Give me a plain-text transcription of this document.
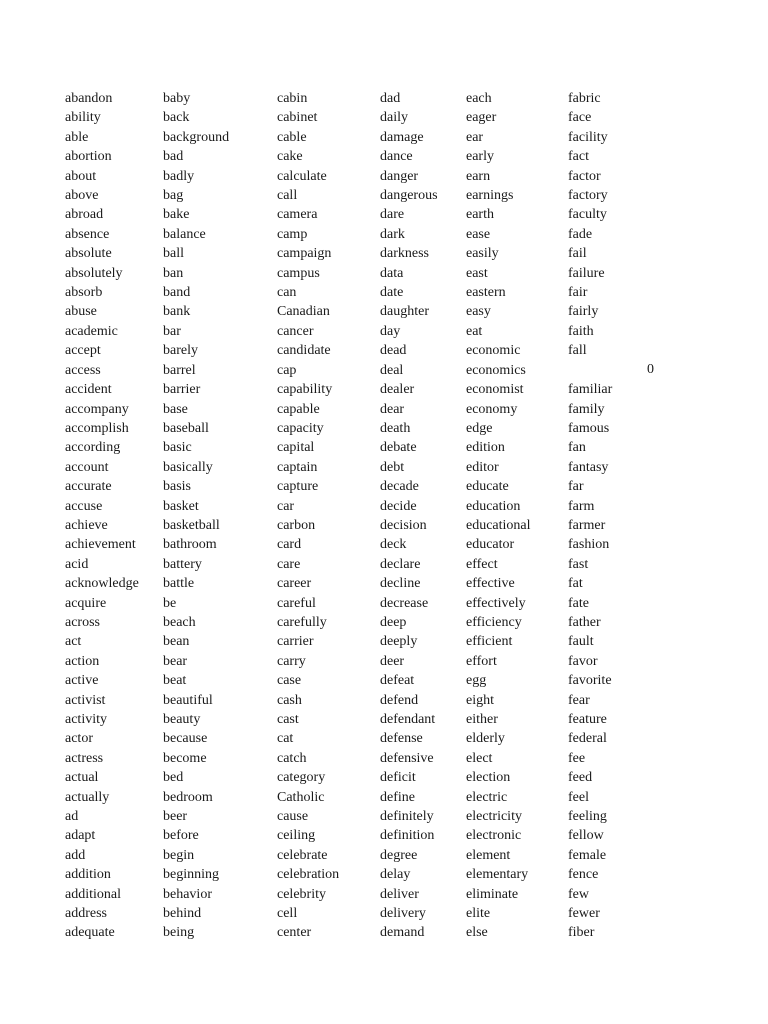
abandon
ability
able
abortion
about
above
abroad
absence
absolute
absolutely
absorb
abuse
academic
accept
access
accident
accompany
accomplish
according
account
accurate
accuse
achieve
achievement
acid
acknowledge
acquire
across
act
action
active
activist
activity
actor
actress
actual
actually
ad
adapt
add
addition
additional
address
adequate
baby
back
background
bad
badly
bag
bake
balance
ball
ban
band
bank
bar
barely
barrel
barrier
base
baseball
basic
basically
basis
basket
basketball
bathroom
battery
battle
be
beach
bean
bear
beat
beautiful
beauty
because
become
bed
bedroom
beer
before
begin
beginning
behavior
behind
being
cabin
cabinet
cable
cake
calculate
call
camera
camp
campaign
campus
can
Canadian
cancer
candidate
cap
capability
capable
capacity
capital
captain
capture
car
carbon
card
care
career
careful
carefully
carrier
carry
case
cash
cast
cat
catch
category
Catholic
cause
ceiling
celebrate
celebration
celebrity
cell
center
dad
daily
damage
dance
danger
dangerous
dare
dark
darkness
data
date
daughter
day
dead
deal
dealer
dear
death
debate
debt
decade
decide
decision
deck
declare
decline
decrease
deep
deeply
deer
defeat
defend
defendant
defense
defensive
deficit
define
definitely
definition
degree
delay
deliver
delivery
demand
each
eager
ear
early
earn
earnings
earth
ease
easily
east
eastern
easy
eat
economic
economics
economist
economy
edge
edition
editor
educate
education
educational
educator
effect
effective
effectively
efficiency
efficient
effort
egg
eight
either
elderly
elect
election
electric
electricity
electronic
element
elementary
eliminate
elite
else
fabric
face
facility
fact
factor
factory
faculty
fade
fail
failure
fair
fairly
faith
fall
familiar
family
famous
fan
fantasy
far
farm
farmer
fashion
fast
fat
fate
father
fault
favor
favorite
fear
feature
federal
fee
feed
feel
feeling
fellow
female
fence
few
fewer
fiber
0
